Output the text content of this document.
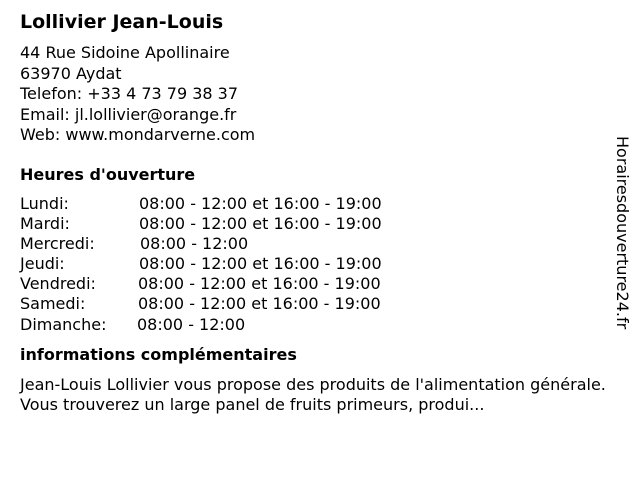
Lollivier Jean-Louis
44 Rue Sidoine Apollinaire
63970 Aydat
Telefon: +33 4 73 79 38 37
Email: jl.lollivier@orange.fr
Web: www.mondarverne.com
Heures d'ouverture
Lundi:	08:00 - 12:00 et 16:00 - 19:00
Mardi:	08:00 - 12:00 et 16:00 - 19:00
Mercredi:	08:00 - 12:00
Jeudi:	08:00 - 12:00 et 16:00 - 19:00
Vendredi:	08:00 - 12:00 et 16:00 - 19:00
Samedi:	08:00 - 12:00 et 16:00 - 19:00
Dimanche: 08:00 - 12:00
informations complémentaires
Jean-Louis Lollivier vous propose des produits de l'alimentation générale. Vous trouverez un large panel de fruits primeurs, produi...
Horairesdouverture24.fr
